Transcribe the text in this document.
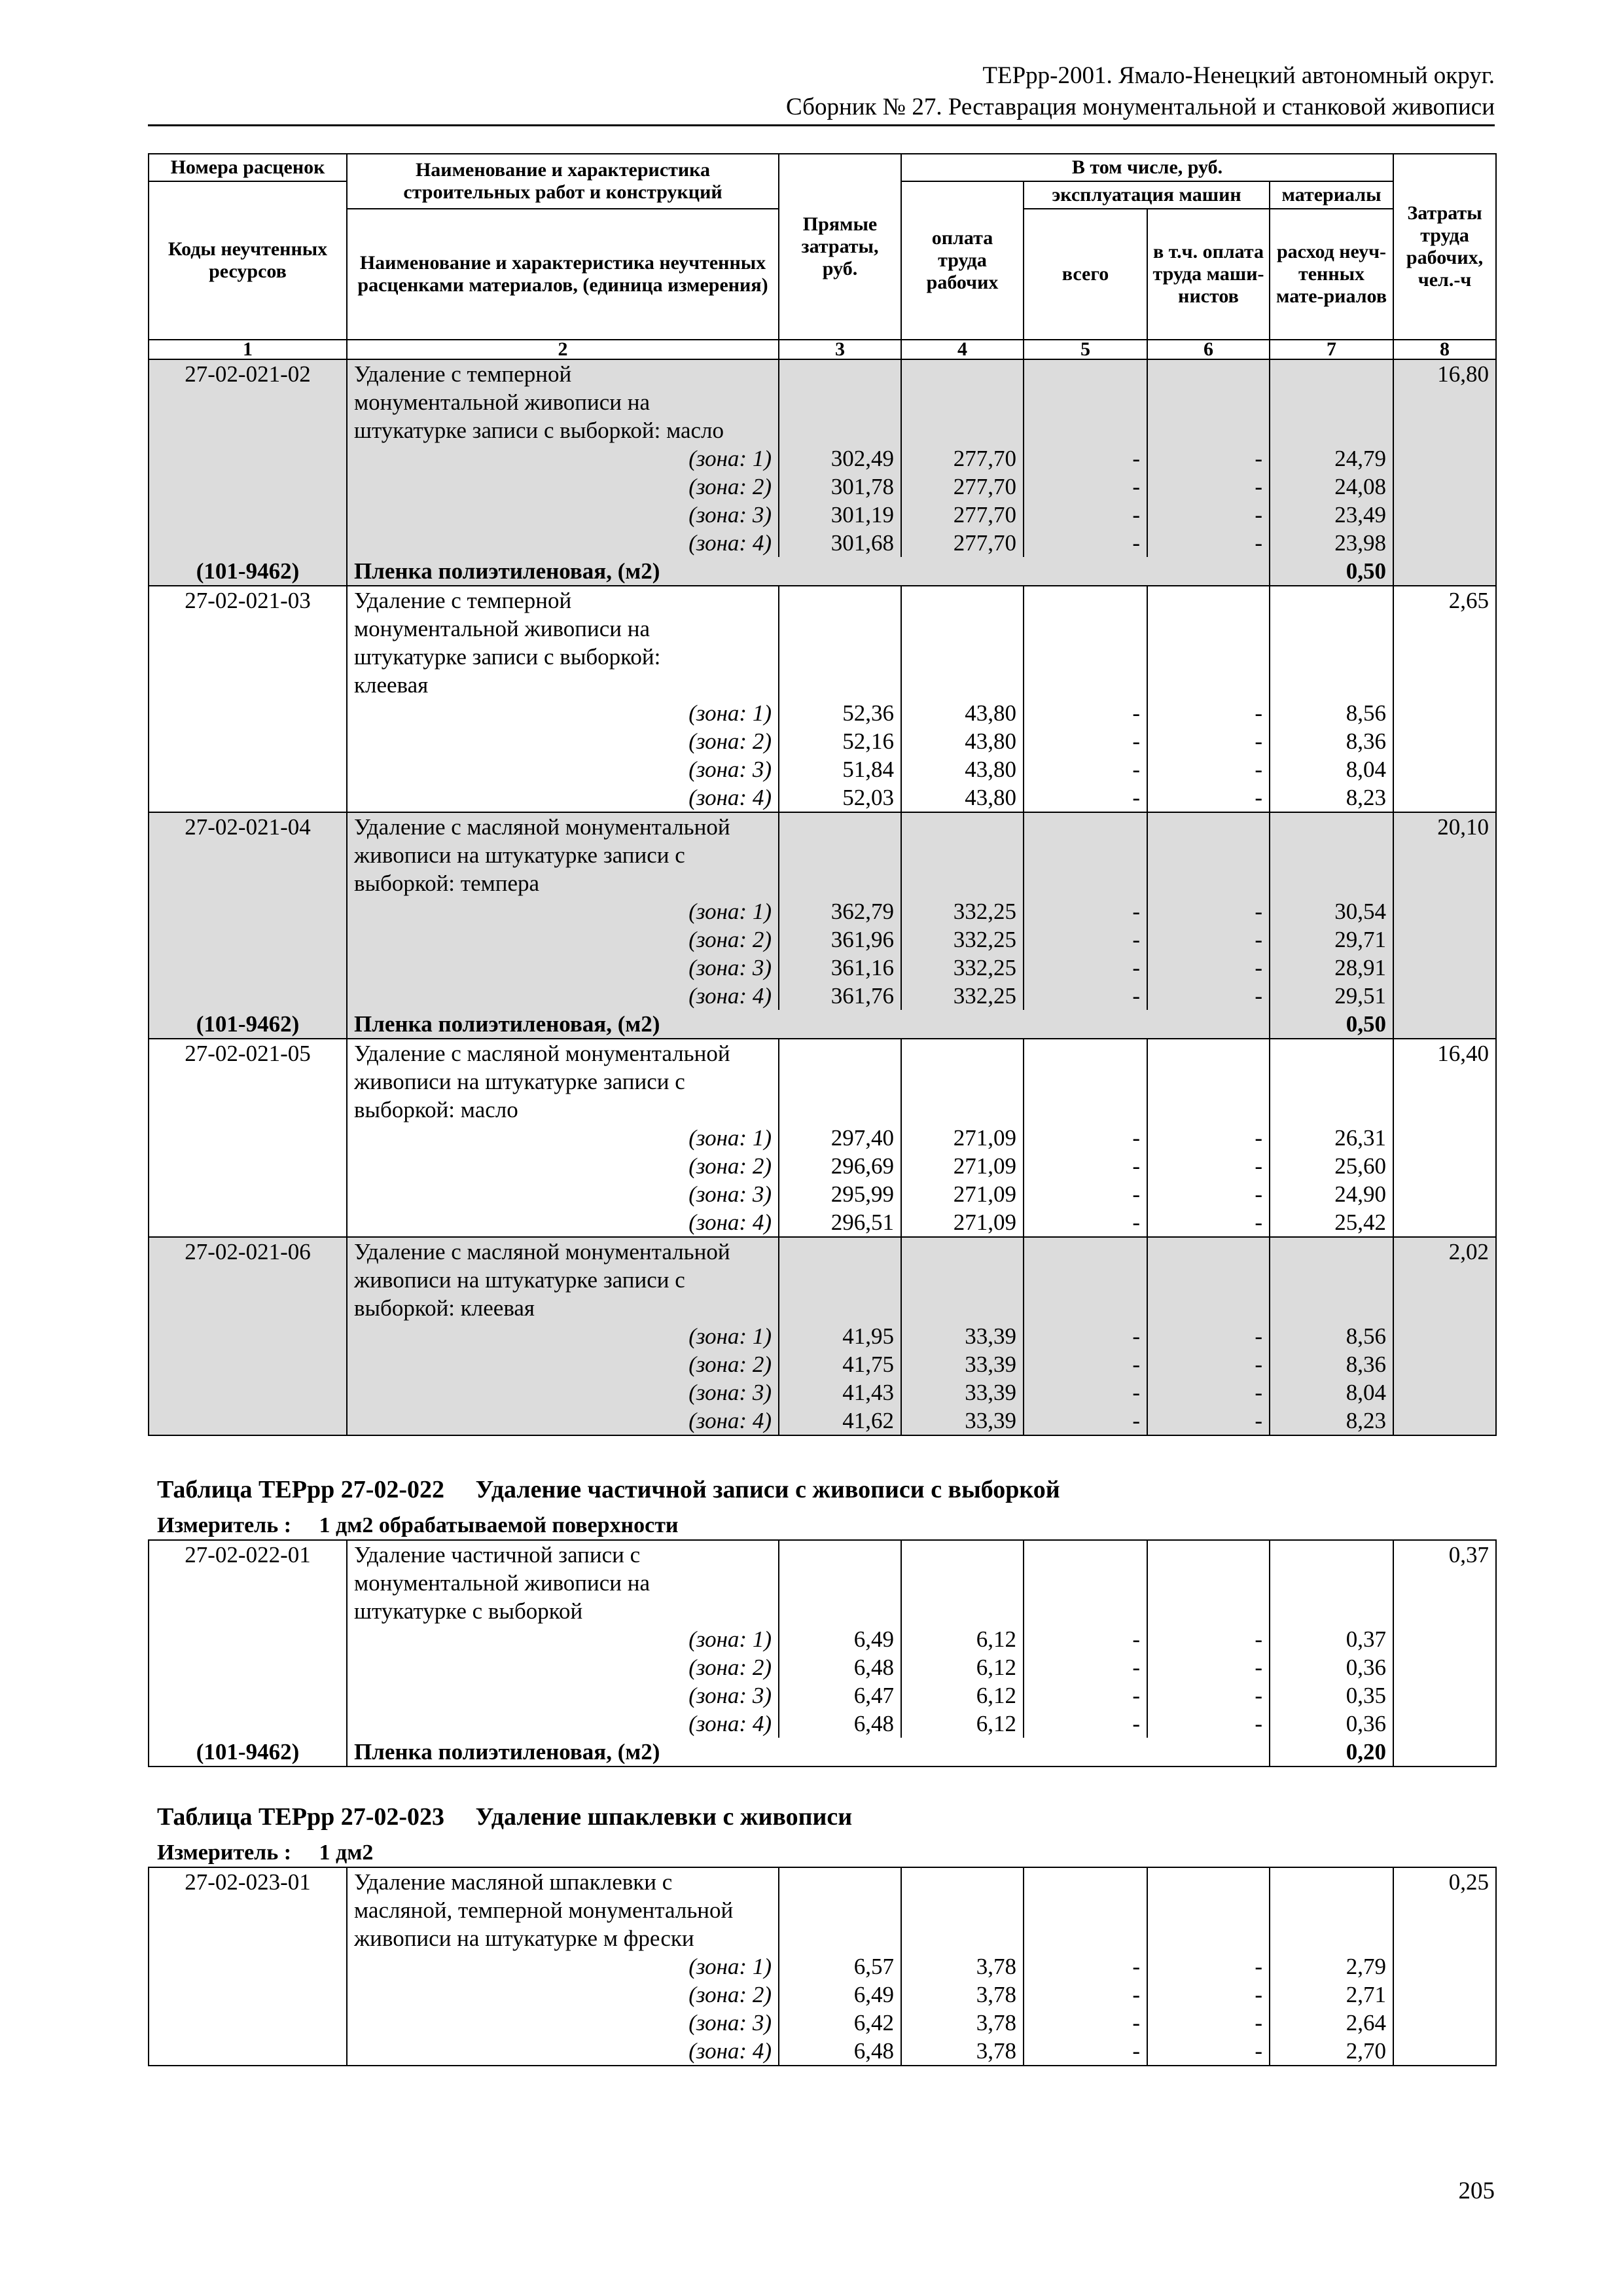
ТЕРрр-2001. Ямало-Ненецкий автономный округ.
Сборник № 27. Реставрация монументальной и станковой живописи
Номера расценок	Наименование и характеристика строительных работ и конструкций	Прямые затраты, руб.	В том числе, руб.				Затраты труда рабочих, чел.-ч
Коды неучтенных ресурсов			оплата труда рабочих	эксплуатация машин		материалы	
	Наименование и характеристика неучтенных расценками материалов, (единица измерения)			всего	в т.ч. оплата труда маши-нистов	расход неуч-тенных мате-риалов	
1	2	3	4	5	6	7	8
27-02-021-02	Удаление с темперной						16,80
	монументальной живописи на						
	штукатурке записи с выборкой: масло						
	(зона: 1)	302,49	277,70	-	-	24,79	
	(зона: 2)	301,78	277,70	-	-	24,08	
	(зона: 3)	301,19	277,70	-	-	23,49	
	(зона: 4)	301,68	277,70	-	-	23,98	
(101-9462)	Пленка полиэтиленовая, (м2)					0,50	
27-02-021-03	Удаление с темперной						2,65
	монументальной живописи на						
	штукатурке записи с выборкой:						
	клеевая						
	(зона: 1)	52,36	43,80	-	-	8,56	
	(зона: 2)	52,16	43,80	-	-	8,36	
	(зона: 3)	51,84	43,80	-	-	8,04	
	(зона: 4)	52,03	43,80	-	-	8,23	
27-02-021-04	Удаление с масляной монументальной						20,10
	живописи на штукатурке записи с						
	выборкой: темпера						
	(зона: 1)	362,79	332,25	-	-	30,54	
	(зона: 2)	361,96	332,25	-	-	29,71	
	(зона: 3)	361,16	332,25	-	-	28,91	
	(зона: 4)	361,76	332,25	-	-	29,51	
(101-9462)	Пленка полиэтиленовая, (м2)					0,50	
27-02-021-05	Удаление с масляной монументальной						16,40
	живописи на штукатурке записи с						
	выборкой: масло						
	(зона: 1)	297,40	271,09	-	-	26,31	
	(зона: 2)	296,69	271,09	-	-	25,60	
	(зона: 3)	295,99	271,09	-	-	24,90	
	(зона: 4)	296,51	271,09	-	-	25,42	
27-02-021-06	Удаление с масляной монументальной						2,02
	живописи на штукатурке записи с						
	выборкой: клеевая						
	(зона: 1)	41,95	33,39	-	-	8,56	
	(зона: 2)	41,75	33,39	-	-	8,36	
	(зона: 3)	41,43	33,39	-	-	8,04	
	(зона: 4)	41,62	33,39	-	-	8,23	
Таблица ТЕРрр 27-02-022     Удаление частичной записи с живописи с выборкой
Измеритель :     1 дм2 обрабатываемой поверхности
27-02-022-01	Удаление частичной записи с						0,37
	монументальной живописи на						
	штукатурке с выборкой						
	(зона: 1)	6,49	6,12	-	-	0,37	
	(зона: 2)	6,48	6,12	-	-	0,36	
	(зона: 3)	6,47	6,12	-	-	0,35	
	(зона: 4)	6,48	6,12	-	-	0,36	
(101-9462)	Пленка полиэтиленовая, (м2)					0,20	
Таблица ТЕРрр 27-02-023     Удаление шпаклевки с живописи
Измеритель :     1 дм2
27-02-023-01	Удаление масляной шпаклевки с						0,25
	масляной, темперной монументальной						
	живописи на штукатурке м фрески						
	(зона: 1)	6,57	3,78	-	-	2,79	
	(зона: 2)	6,49	3,78	-	-	2,71	
	(зона: 3)	6,42	3,78	-	-	2,64	
	(зона: 4)	6,48	3,78	-	-	2,70	
205
